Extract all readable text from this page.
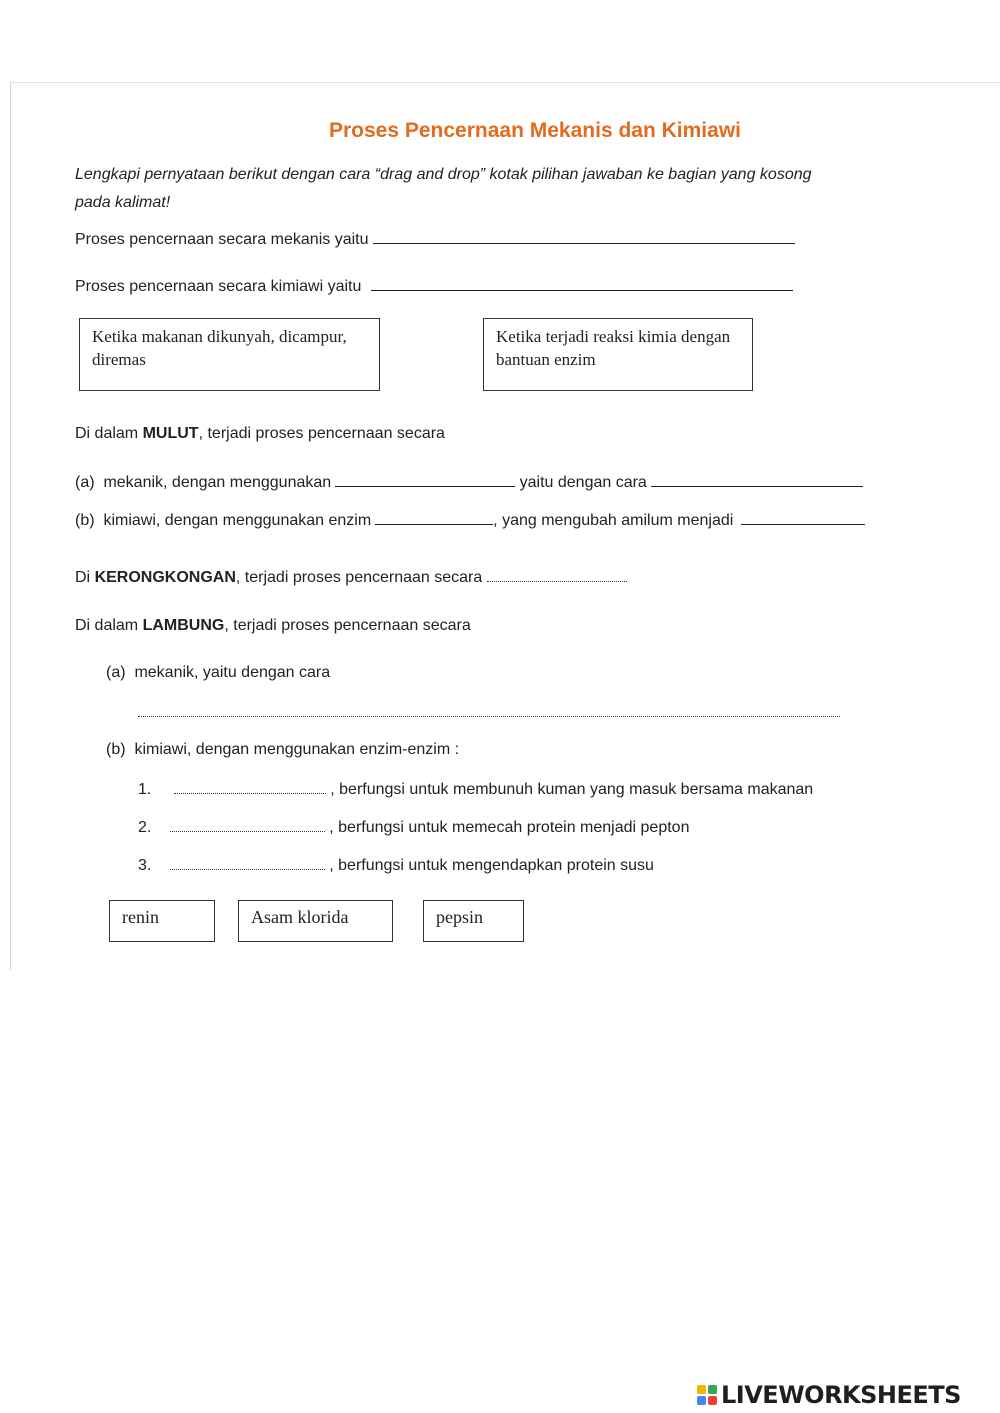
Proses Pencernaan Mekanis dan Kimiawi
Lengkapi pernyataan berikut dengan cara “drag and drop” kotak pilihan jawaban ke bagian yang kosong
pada kalimat!
Proses pencernaan secara mekanis yaitu
Proses pencernaan secara kimiawi yaitu
Ketika makanan dikunyah, dicampur, diremas
Ketika terjadi reaksi kimia dengan bantuan enzim
Di dalam MULUT, terjadi proses pencernaan secara
(a) mekanik, dengan menggunakan	yaitu dengan cara
(b) kimiawi, dengan menggunakan enzim	, yang mengubah amilum menjadi
Di KERONGKONGAN, terjadi proses pencernaan secara
Di dalam LAMBUNG, terjadi proses pencernaan secara
(a) mekanik, yaitu dengan cara
(b) kimiawi, dengan menggunakan enzim-enzim :
1.	, berfungsi untuk membunuh kuman yang masuk bersama makanan
2.	, berfungsi untuk memecah protein menjadi pepton
3.	, berfungsi untuk mengendapkan protein susu
renin	Asam klorida	pepsin
LIVEWORKSHEETS
